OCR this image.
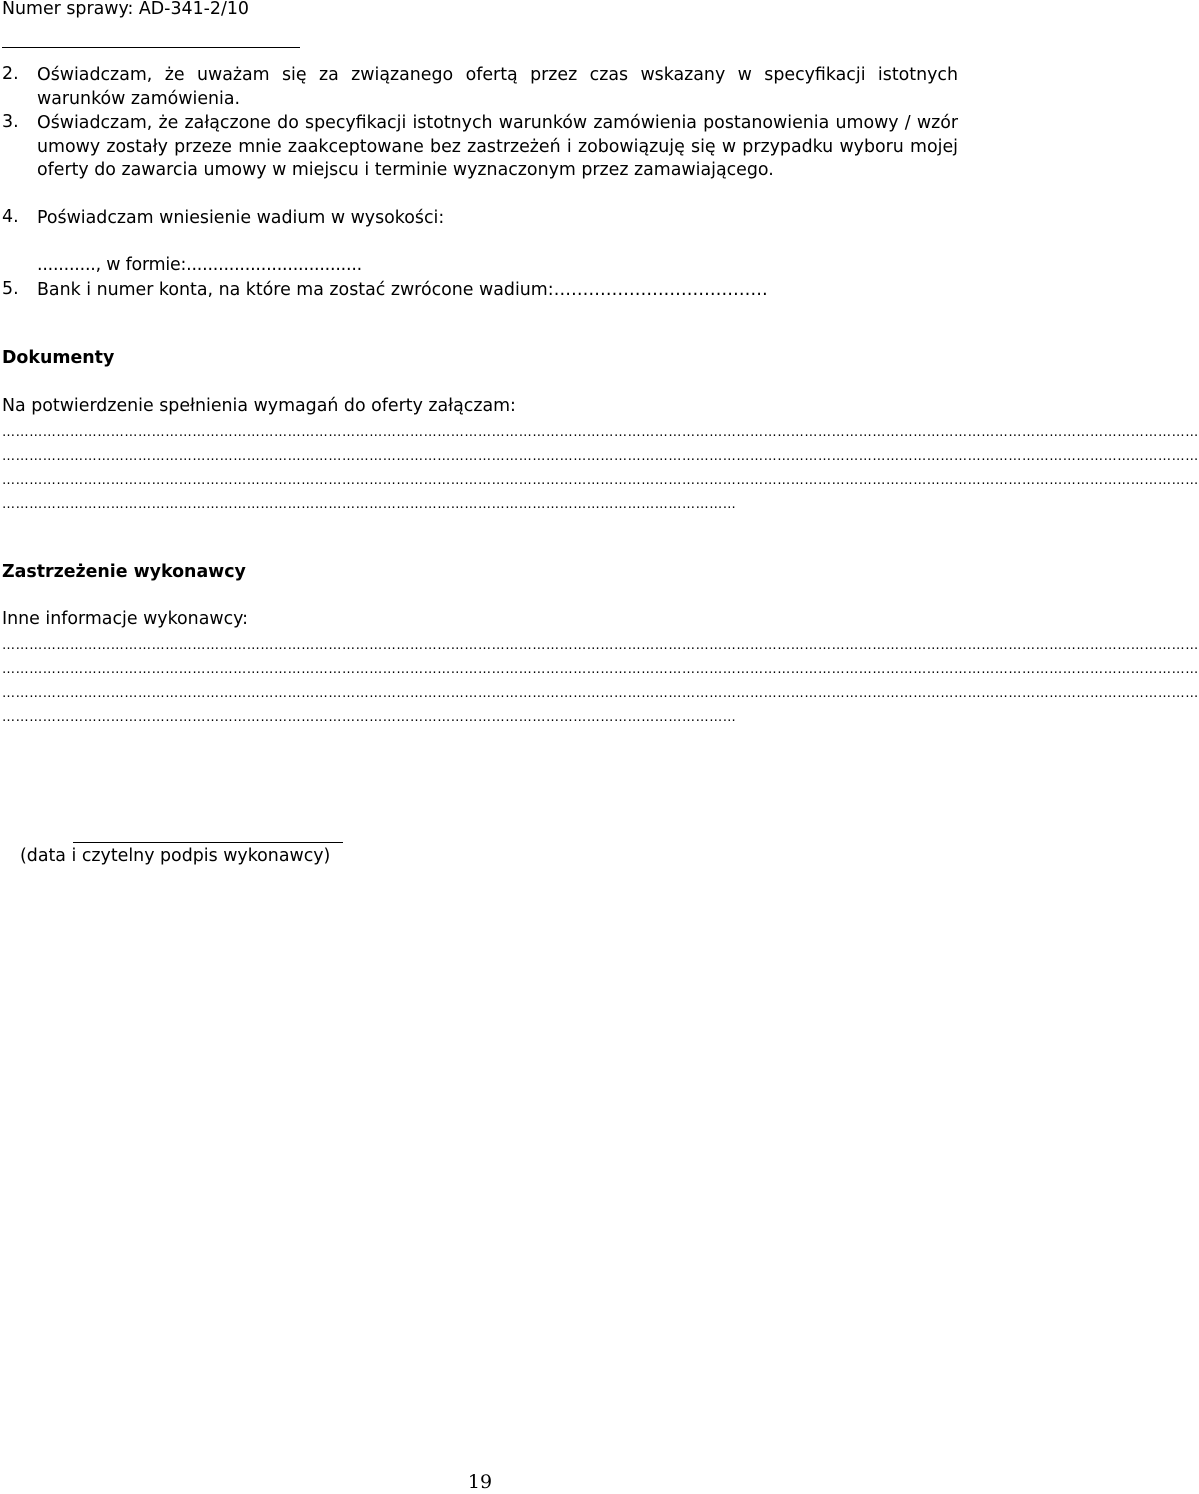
Numer sprawy: AD-341-2/10
2. Oświadczam, że uważam się za związanego ofertą przez czas wskazany w specyfikacji istotnych warunków zamówienia.
3. Oświadczam, że załączone do specyfikacji istotnych warunków zamówienia postanowienia umowy / wzór umowy zostały przeze mnie zaakceptowane bez zastrzeżeń i zobowiązuję się w przypadku wyboru mojej oferty do zawarcia umowy w miejscu i terminie wyznaczonym przez zamawiającego.
4. Poświadczam wniesienie wadium w wysokości:
..........., w formie:.................................
5. Bank i numer konta, na które ma zostać zwrócone wadium:……………….………………
Dokumenty
Na potwierdzenie spełnienia wymagań do oferty załączam:
…………………………………………………………………………………………………………………………………………………………………………………………………………………………………………
…………………………………………………………………………………………………………………………………………………………………………………………………………………………………………
…………………………………………………………………………………………………………………………………………………………………………………………………………………………………………
………………………………………………………………………………………………………………………………………………
Zastrzeżenie wykonawcy
Inne informacje wykonawcy:
…………………………………………………………………………………………………………………………………………………………………………………………………………………………………………
…………………………………………………………………………………………………………………………………………………………………………………………………………………………………………
…………………………………………………………………………………………………………………………………………………………………………………………………………………………………………
………………………………………………………………………………………………………………………………………………
(data i czytelny podpis wykonawcy)
19
